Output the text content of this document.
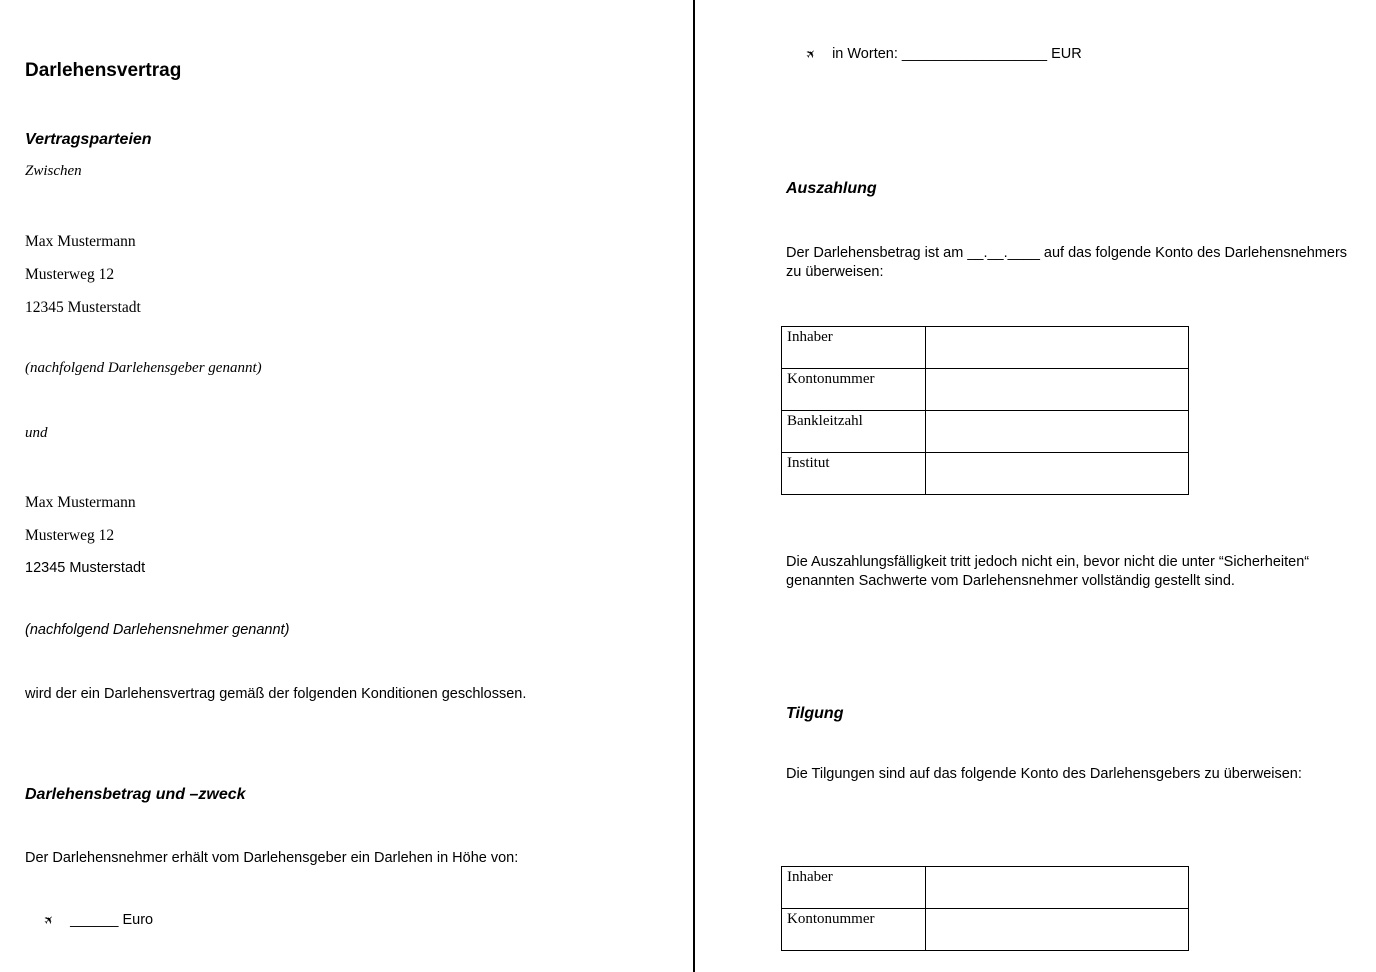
Darlehensvertrag
Vertragsparteien
Zwischen
Max Mustermann
Musterweg 12
12345 Musterstadt
(nachfolgend Darlehensgeber genannt)
und
Max Mustermann
Musterweg 12
12345 Musterstadt
(nachfolgend Darlehensnehmer genannt)
wird der ein Darlehensvertrag gemäß der folgenden Konditionen geschlossen.
Darlehensbetrag und –zweck
Der Darlehensnehmer erhält vom Darlehensgeber ein Darlehen in Höhe von:
✈ ______ Euro
✈ in Worten: __________________ EUR
Auszahlung
Der Darlehensbetrag ist am __.__.____ auf das folgende Konto des Darlehensnehmers zu überweisen:
Inhaber	
Kontonummer	
Bankleitzahl	
Institut	
Die Auszahlungsfälligkeit tritt jedoch nicht ein, bevor nicht die unter “Sicherheiten“ genannten Sachwerte vom Darlehensnehmer vollständig gestellt sind.
Tilgung
Die Tilgungen sind auf das folgende Konto des Darlehensgebers zu überweisen:
Inhaber	
Kontonummer	
